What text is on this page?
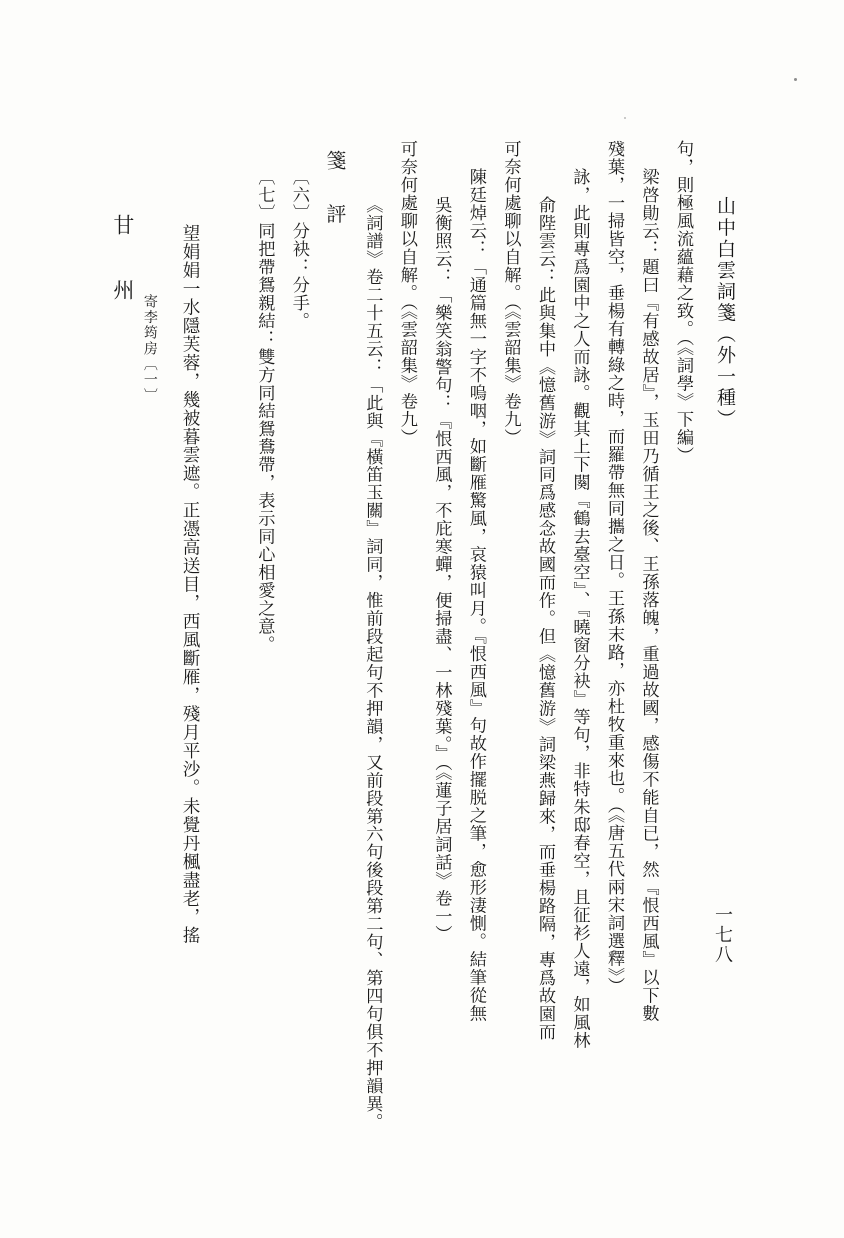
山中白雲詞箋（外一種）
一七八
〔七〕同把帶鴛親結：雙方同結鴛鴦帶，表示同心相愛之意。 〔六〕分袂：分手。 箋　評
《詞譜》卷二十五云：「此與『橫笛玉關』詞同，惟前段起句不押韻，又前段第六句後段第二句、第四句俱不押韻異。 可奈何處聊以自解。（《雲韶集》卷九） 吳衡照云：「樂笑翁警句：『恨西風，不庇寒蟬，便掃盡、一林殘葉。』（《蓮子居詞話》卷一） 陳廷焯云：「通篇無一字不嗚咽，如斷雁驚風，哀猿叫月。『恨西風』句故作擺脱之筆，愈形淒惻。結筆從無 可奈何處聊以自解。（《雲韶集》卷九） 俞陛雲云：此與集中《憶舊游》詞同爲感念故國而作。但《憶舊游》詞梁燕歸來，而垂楊路隔，專爲故園而 詠，此則專爲園中之人而詠。觀其上下闋『鶴去臺空』、『曉窗分袂』等句，非特朱邸春空，且征衫人遠，如風林 殘葉，一掃皆空，垂楊有轉綠之時，而羅帶無同攜之日。王孫末路，亦杜牧重來也。（《唐五代兩宋詞選釋》） 梁啓勛云：題曰『有感故居』，玉田乃循王之後、王孫落魄，重過故國，感傷不能自已，然『恨西風』以下數 句，則極風流蘊藉之致。（《詞學》下編）
甘　州
寄李筠房〔一〕 望娟娟一水隱芙蓉，幾被暮雲遮。正憑高送目，西風斷雁，殘月平沙。未覺丹楓盡老，搖
